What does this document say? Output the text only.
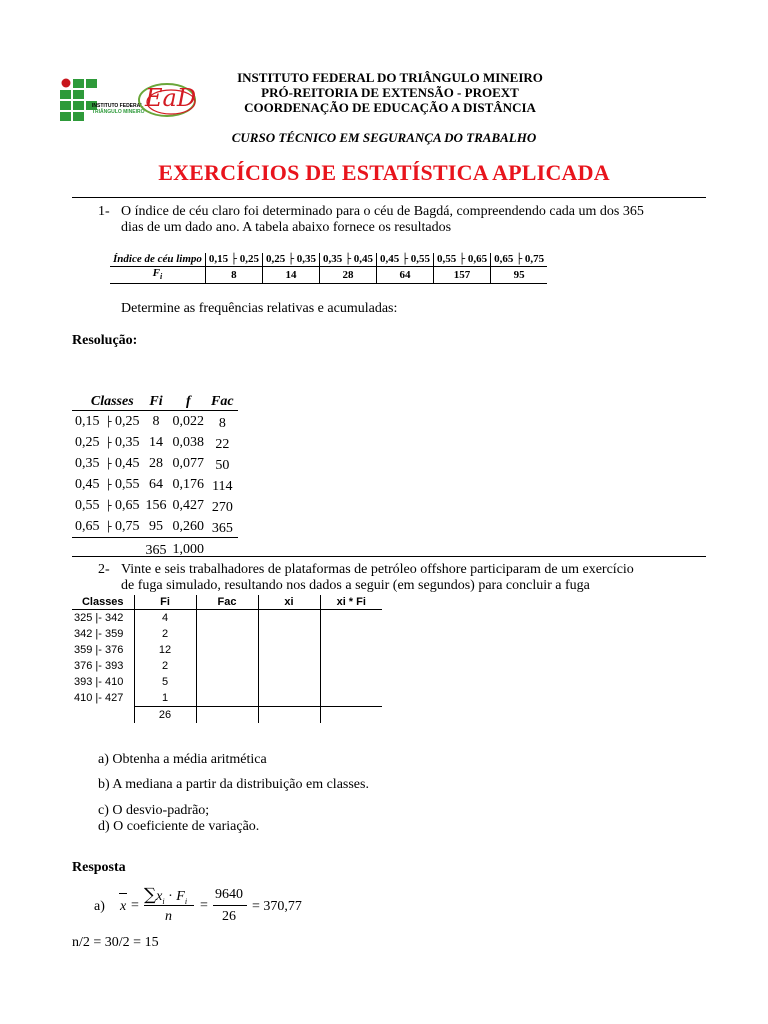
INSTITUTO FEDERAL
TRIÂNGULO MINEIRO EaD
INSTITUTO FEDERAL DO TRIÂNGULO MINEIRO
PRÓ-REITORIA DE EXTENSÃO - PROEXT
COORDENAÇÃO DE EDUCAÇÃO A DISTÂNCIA
CURSO TÉCNICO EM SEGURANÇA DO TRABALHO
EXERCÍCIOS DE ESTATÍSTICA APLICADA
1- O índice de céu claro foi determinado para o céu de Bagdá, compreendendo cada um dos 365
dias de um dado ano. A tabela abaixo fornece os resultados
Índice de céu limpo	0,15 ├ 0,25	0,25 ├ 0,35	0,35 ├ 0,45	0,45 ├ 0,55	0,55 ├ 0,65	0,65 ├ 0,75
$F_i$	8	14	28	64	157	95
Determine as frequências relativas e acumuladas:
Resolução:
Classes		Fi	f	Fac
0,15	├ 0,25	8	0,022	8
0,25	├ 0,35	14	0,038	22
0,35	├ 0,45	28	0,077	50
0,45	├ 0,55	64	0,176	114
0,55	├ 0,65	156	0,427	270
0,65	├ 0,75	95	0,260	365
		365	1,000	
2- Vinte e seis trabalhadores de plataformas de petróleo offshore participaram de um exercício
de fuga simulado, resultando nos dados a seguir (em segundos) para concluir a fuga
Classes	Fi	Fac	xi	xi * Fi
325 |- 342	4			
342 |- 359	2			
359 |- 376	12			
376 |- 393	2			
393 |- 410	5			
410 |- 427	1			
	26			
a) Obtenha a média aritmética
b) A mediana a partir da distribuição em classes.
c) O desvio-padrão;
d) O coeficiente de variação.
Resposta
a) x =
$\sum x_i \cdot F_i$
n
=
9640
26
= 370,77
n/2 = 30/2 = 15
